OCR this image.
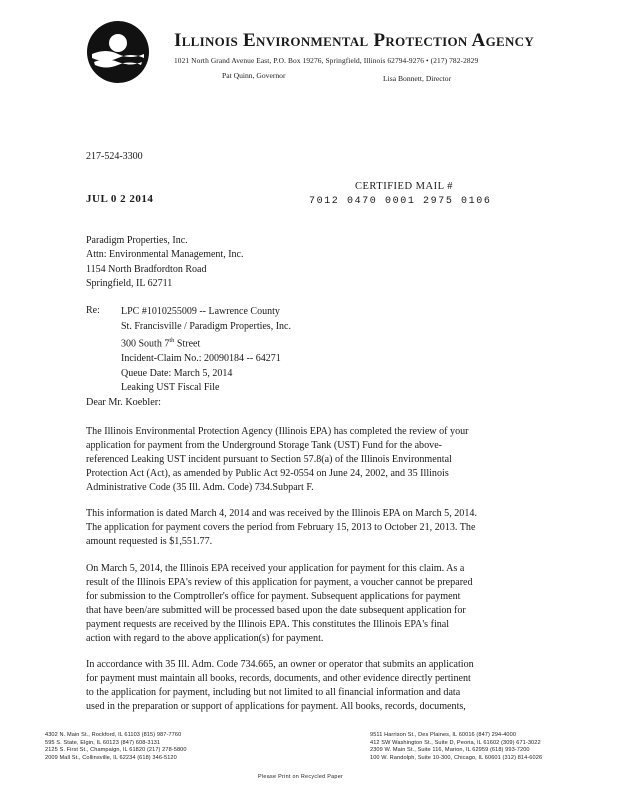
Illinois Environmental Protection Agency
1021 North Grand Avenue East, P.O. Box 19276, Springfield, Illinois 62794-9276 • (217) 782-2829
Pat Quinn, Governor	Lisa Bonnett, Director
217-524-3300
JUL 0 2 2014
CERTIFIED MAIL #
7012 0470 0001 2975 0106
Paradigm Properties, Inc.
Attn: Environmental Management, Inc.
1154 North Bradfordton Road
Springfield, IL 62711
Re: LPC #1010255009 -- Lawrence County
St. Francisville / Paradigm Properties, Inc.
300 South 7th Street
Incident-Claim No.: 20090184 -- 64271
Queue Date: March 5, 2014
Leaking UST Fiscal File
Dear Mr. Koebler:
The Illinois Environmental Protection Agency (Illinois EPA) has completed the review of your
application for payment from the Underground Storage Tank (UST) Fund for the above-
referenced Leaking UST incident pursuant to Section 57.8(a) of the Illinois Environmental
Protection Act (Act), as amended by Public Act 92-0554 on June 24, 2002, and 35 Illinois
Administrative Code (35 Ill. Adm. Code) 734.Subpart F.
This information is dated March 4, 2014 and was received by the Illinois EPA on March 5, 2014.
The application for payment covers the period from February 15, 2013 to October 21, 2013. The
amount requested is $1,551.77.
On March 5, 2014, the Illinois EPA received your application for payment for this claim. As a
result of the Illinois EPA's review of this application for payment, a voucher cannot be prepared
for submission to the Comptroller's office for payment. Subsequent applications for payment
that have been/are submitted will be processed based upon the date subsequent application for
payment requests are received by the Illinois EPA. This constitutes the Illinois EPA's final
action with regard to the above application(s) for payment.
In accordance with 35 Ill. Adm. Code 734.665, an owner or operator that submits an application
for payment must maintain all books, records, documents, and other evidence directly pertinent
to the application for payment, including but not limited to all financial information and data
used in the preparation or support of applications for payment. All books, records, documents,
4302 N. Main St., Rockford, IL 61103 (815) 987-7760
595 S. State, Elgin, IL 60123 (847) 608-3131
2125 S. First St., Champaign, IL 61820 (217) 278-5800
2009 Mall St., Collinsville, IL 62234 (618) 346-5120
9511 Harrison St., Des Plaines, IL 60016 (847) 294-4000
412 SW Washington St., Suite D, Peoria, IL 61602 (309) 671-3022
2309 W. Main St., Suite 116, Marion, IL 62959 (618) 993-7200
100 W. Randolph, Suite 10-300, Chicago, IL 60601 (312) 814-6026
Please Print on Recycled Paper
